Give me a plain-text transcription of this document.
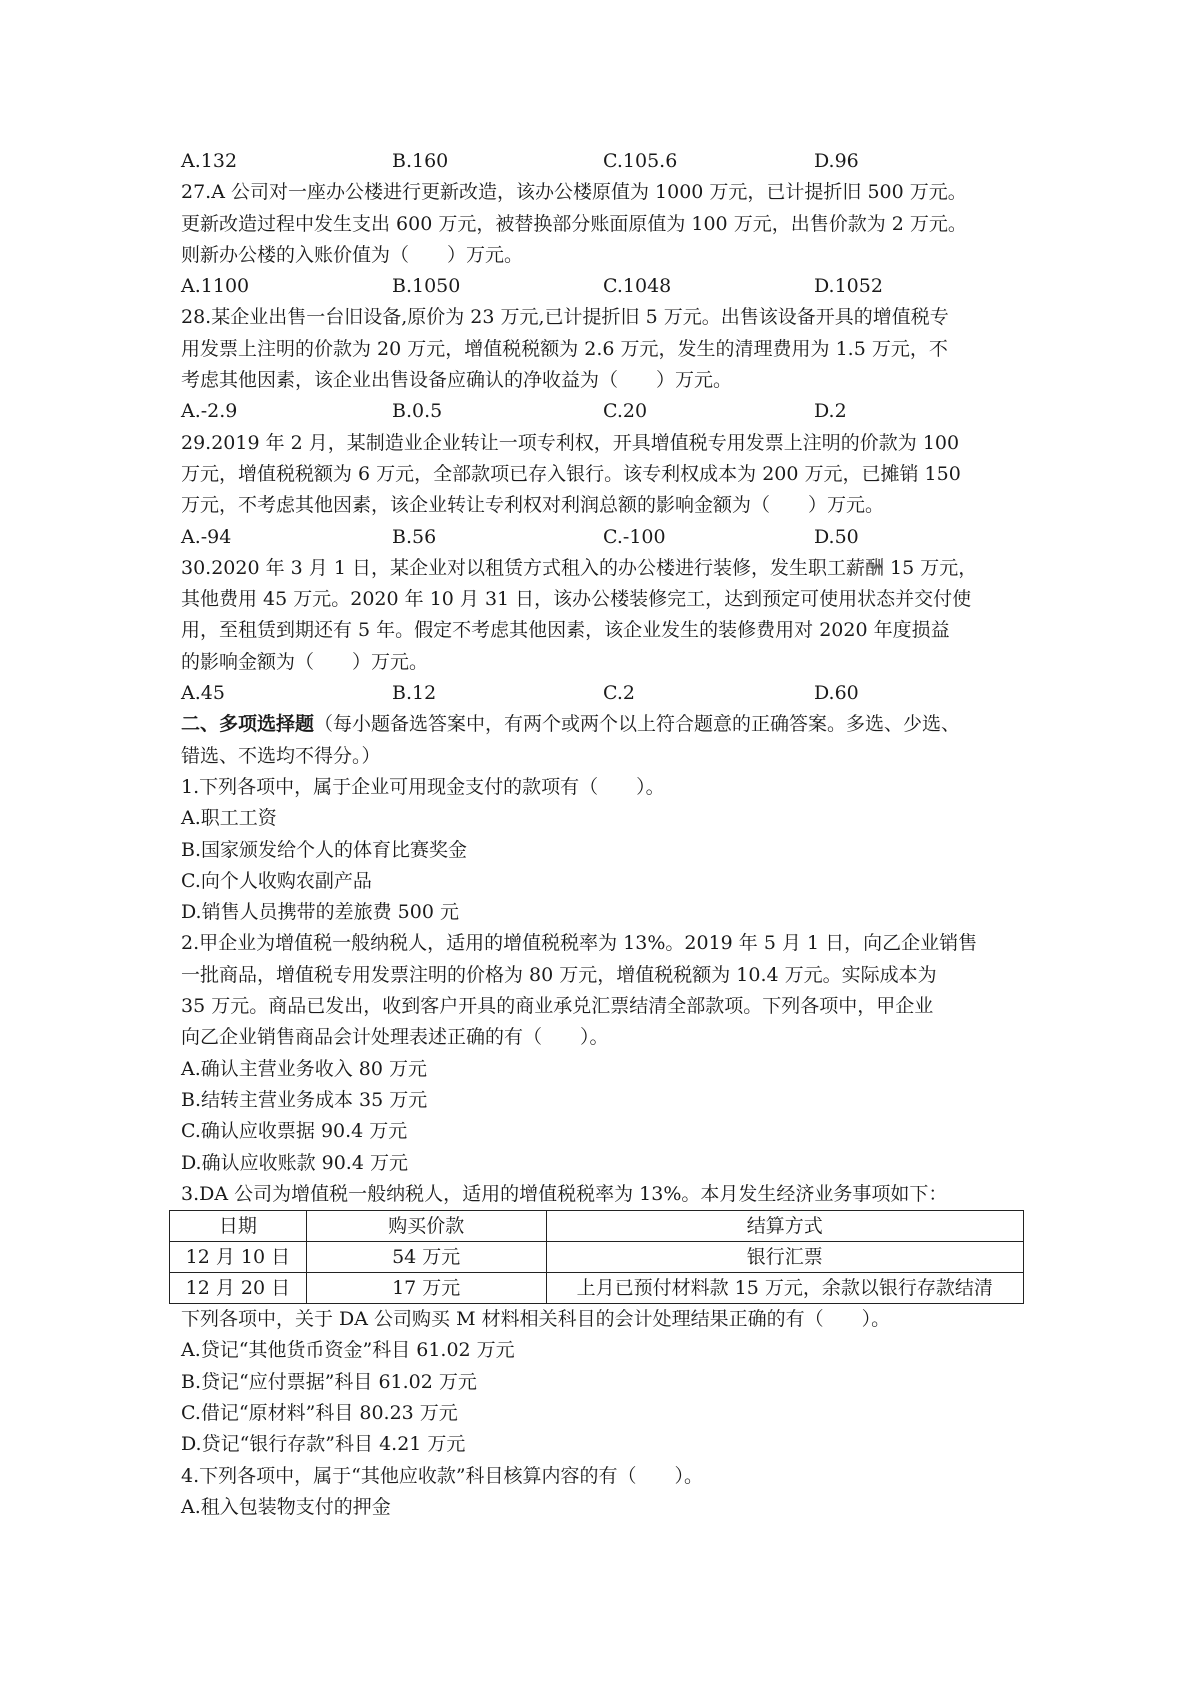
A.132	B.160	C.105.6	D.96
27.A 公司对一座办公楼进行更新改造，该办公楼原值为 1000 万元，已计提折旧 500 万元。
更新改造过程中发生支出 600 万元，被替换部分账面原值为 100 万元，出售价款为 2 万元。
则新办公楼的入账价值为（　　）万元。
A.1100	B.1050	C.1048	D.1052
28.某企业出售一台旧设备,原价为 23 万元,已计提折旧 5 万元。出售该设备开具的增值税专
用发票上注明的价款为 20 万元，增值税税额为 2.6 万元，发生的清理费用为 1.5 万元，不
考虑其他因素，该企业出售设备应确认的净收益为（　　）万元。
A.-2.9	B.0.5	C.20	D.2
29.2019 年 2 月，某制造业企业转让一项专利权，开具增值税专用发票上注明的价款为 100
万元，增值税税额为 6 万元，全部款项已存入银行。该专利权成本为 200 万元，已摊销 150
万元，不考虑其他因素，该企业转让专利权对利润总额的影响金额为（　　）万元。
A.-94	B.56	C.-100	D.50
30.2020 年 3 月 1 日，某企业对以租赁方式租入的办公楼进行装修，发生职工薪酬 15 万元，
其他费用 45 万元。2020 年 10 月 31 日，该办公楼装修完工，达到预定可使用状态并交付使
用，至租赁到期还有 5 年。假定不考虑其他因素，该企业发生的装修费用对 2020 年度损益
的影响金额为（　　）万元。
A.45	B.12	C.2	D.60
二、多项选择题（每小题备选答案中，有两个或两个以上符合题意的正确答案。多选、少选、
错选、不选均不得分。）
1.下列各项中，属于企业可用现金支付的款项有（　　）。
A.职工工资
B.国家颁发给个人的体育比赛奖金
C.向个人收购农副产品
D.销售人员携带的差旅费 500 元
2.甲企业为增值税一般纳税人，适用的增值税税率为 13%。2019 年 5 月 1 日，向乙企业销售
一批商品，增值税专用发票注明的价格为 80 万元，增值税税额为 10.4 万元。实际成本为
35 万元。商品已发出，收到客户开具的商业承兑汇票结清全部款项。下列各项中，甲企业
向乙企业销售商品会计处理表述正确的有（　　）。
A.确认主营业务收入 80 万元
B.结转主营业务成本 35 万元
C.确认应收票据 90.4 万元
D.确认应收账款 90.4 万元
3.DA 公司为增值税一般纳税人，适用的增值税税率为 13%。本月发生经济业务事项如下：
日期	购买价款	结算方式
12 月 10 日	54 万元	银行汇票
12 月 20 日	17 万元	上月已预付材料款 15 万元，余款以银行存款结清
下列各项中，关于 DA 公司购买 M 材料相关科目的会计处理结果正确的有（　　）。
A.贷记“其他货币资金”科目 61.02 万元
B.贷记“应付票据”科目 61.02 万元
C.借记“原材料”科目 80.23 万元
D.贷记“银行存款”科目 4.21 万元
4.下列各项中，属于“其他应收款”科目核算内容的有（　　）。
A.租入包装物支付的押金
